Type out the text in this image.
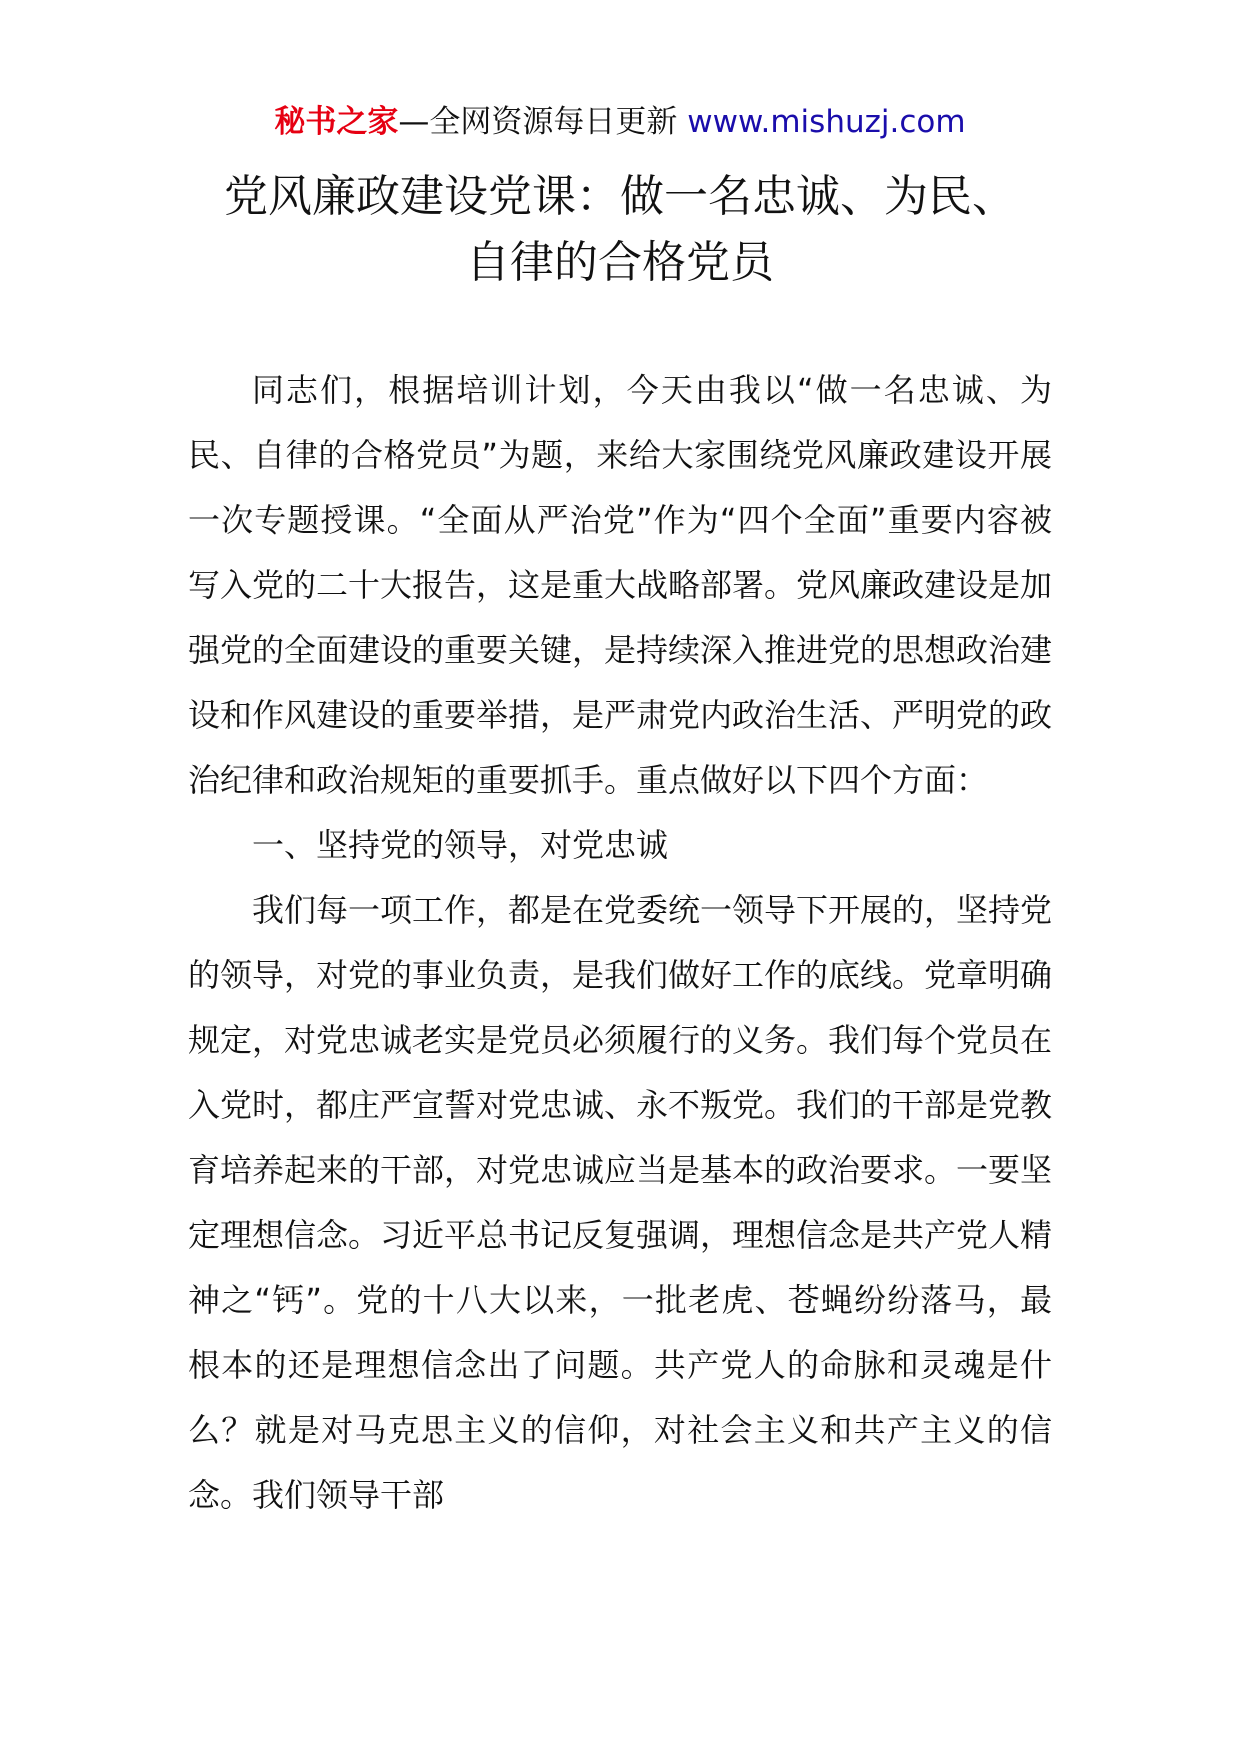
秘书之家—全网资源每日更新 www.mishuzj.com
党风廉政建设党课：做一名忠诚、为民、
自律的合格党员

同志们，根据培训计划，今天由我以“做一名忠诚、为民、自律的合格党员”为题，来给大家围绕党风廉政建设开展一次专题授课。“全面从严治党”作为“四个全面”重要内容被写入党的二十大报告，这是重大战略部署。党风廉政建设是加强党的全面建设的重要关键，是持续深入推进党的思想政治建设和作风建设的重要举措，是严肃党内政治生活、严明党的政治纪律和政治规矩的重要抓手。重点做好以下四个方面：

一、坚持党的领导，对党忠诚

我们每一项工作，都是在党委统一领导下开展的，坚持党的领导，对党的事业负责，是我们做好工作的底线。党章明确规定，对党忠诚老实是党员必须履行的义务。我们每个党员在入党时，都庄严宣誓对党忠诚、永不叛党。我们的干部是党教育培养起来的干部，对党忠诚应当是基本的政治要求。一要坚定理想信念。习近平总书记反复强调，理想信念是共产党人精神之“钙”。党的十八大以来，一批老虎、苍蝇纷纷落马，最根本的还是理想信念出了问题。共产党人的命脉和灵魂是什么？就是对马克思主义的信仰，对社会主义和共产主义的信念。我们领导干部
